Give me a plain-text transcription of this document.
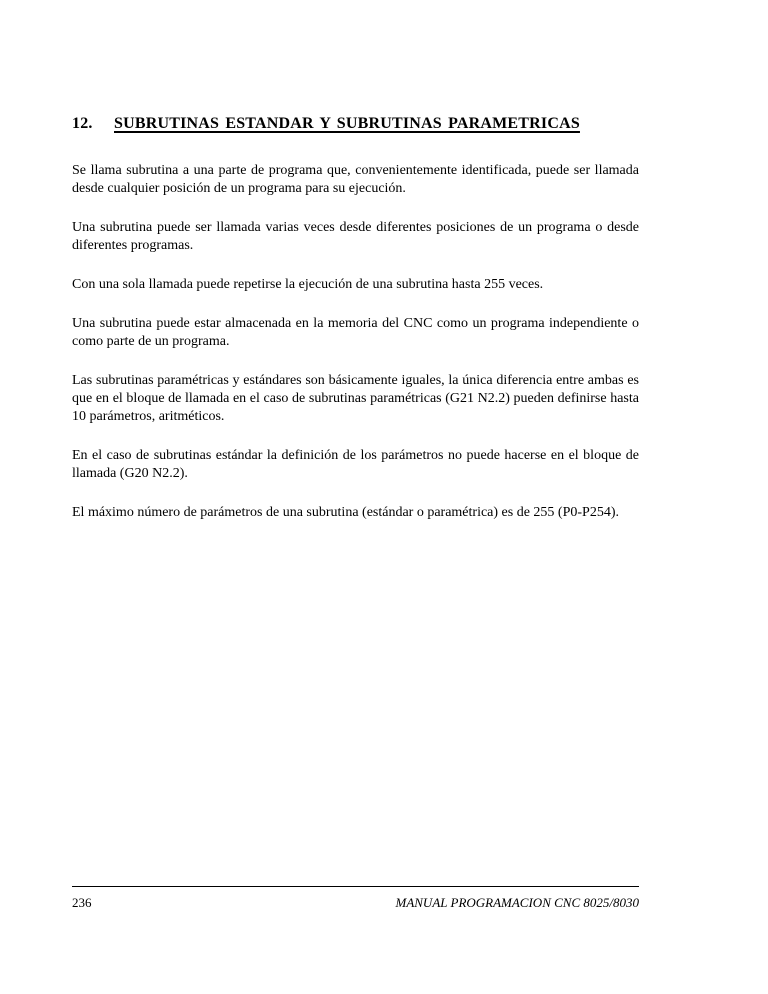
12. SUBRUTINAS ESTANDAR Y SUBRUTINAS PARAMETRICAS

Se llama subrutina a una parte de programa que, convenientemente identificada, puede ser llamada desde cualquier posición de un programa para su ejecución.

Una subrutina puede ser llamada varias veces desde diferentes posiciones de un programa o desde diferentes programas.

Con una sola llamada puede repetirse la ejecución de una subrutina hasta 255 veces.

Una subrutina puede estar almacenada en la memoria del CNC como un programa independiente o como parte de un programa.

Las subrutinas paramétricas y estándares son básicamente iguales, la única diferencia entre ambas es que en el bloque de llamada en el caso de subrutinas paramétricas (G21 N2.2) pueden definirse hasta 10 parámetros, aritméticos.

En el caso de subrutinas estándar la definición de los parámetros no puede hacerse en el bloque de llamada (G20 N2.2).

El máximo número de parámetros de una subrutina (estándar o paramétrica) es de 255 (P0-P254).

236	MANUAL PROGRAMACION CNC 8025/8030
